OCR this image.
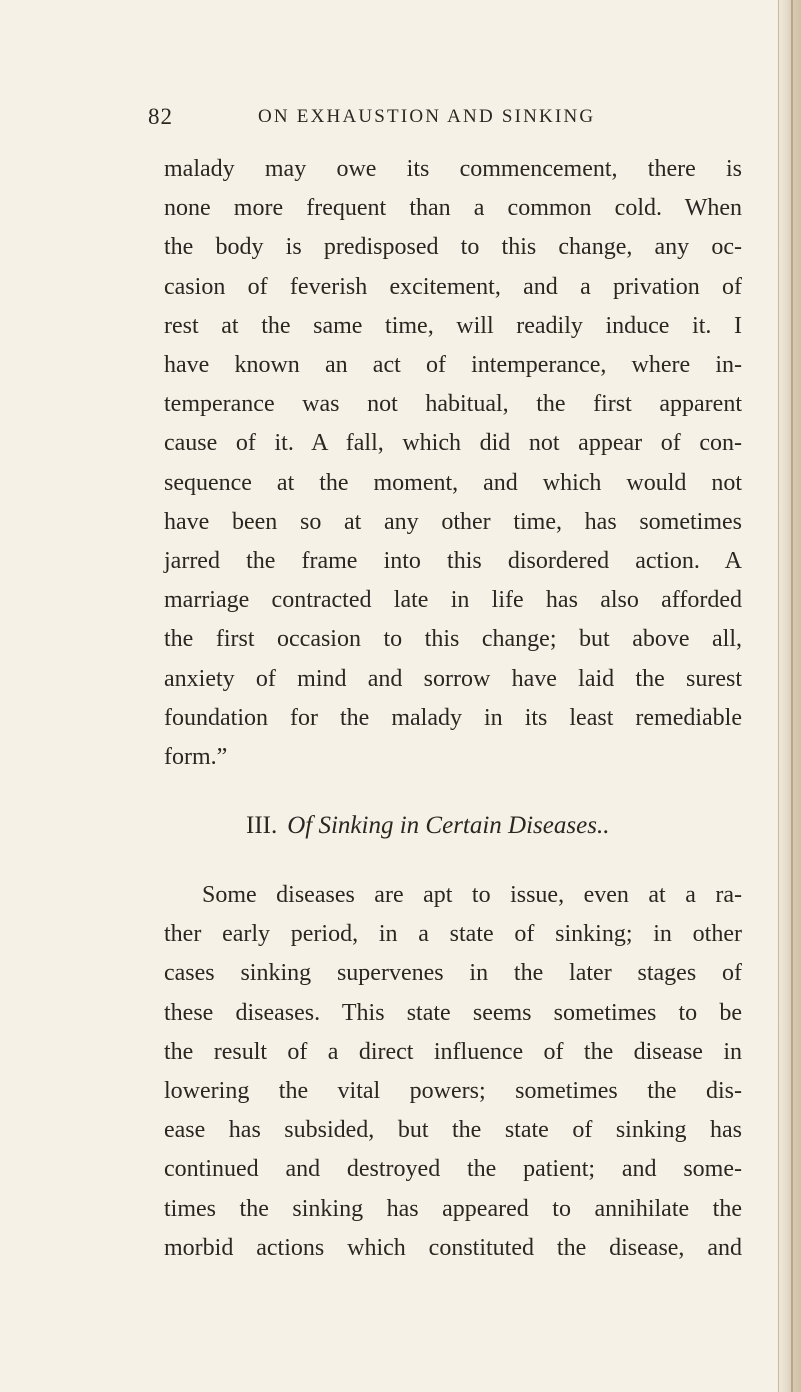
82	ON EXHAUSTION AND SINKING
malady may owe its commencement, there is
none more frequent than a common cold. When
the body is predisposed to this change, any oc-
casion of feverish excitement, and a privation of
rest at the same time, will readily induce it. I
have known an act of intemperance, where in-
temperance was not habitual, the first apparent
cause of it. A fall, which did not appear of con-
sequence at the moment, and which would not
have been so at any other time, has sometimes
jarred the frame into this disordered action. A
marriage contracted late in life has also afforded
the first occasion to this change; but above all,
anxiety of mind and sorrow have laid the surest
foundation for the malady in its least remediable
form.”
III. Of Sinking in Certain Diseases..
Some diseases are apt to issue, even at a ra-
ther early period, in a state of sinking; in other
cases sinking supervenes in the later stages of
these diseases. This state seems sometimes to be
the result of a direct influence of the disease in
lowering the vital powers; sometimes the dis-
ease has subsided, but the state of sinking has
continued and destroyed the patient; and some-
times the sinking has appeared to annihilate the
morbid actions which constituted the disease, and
